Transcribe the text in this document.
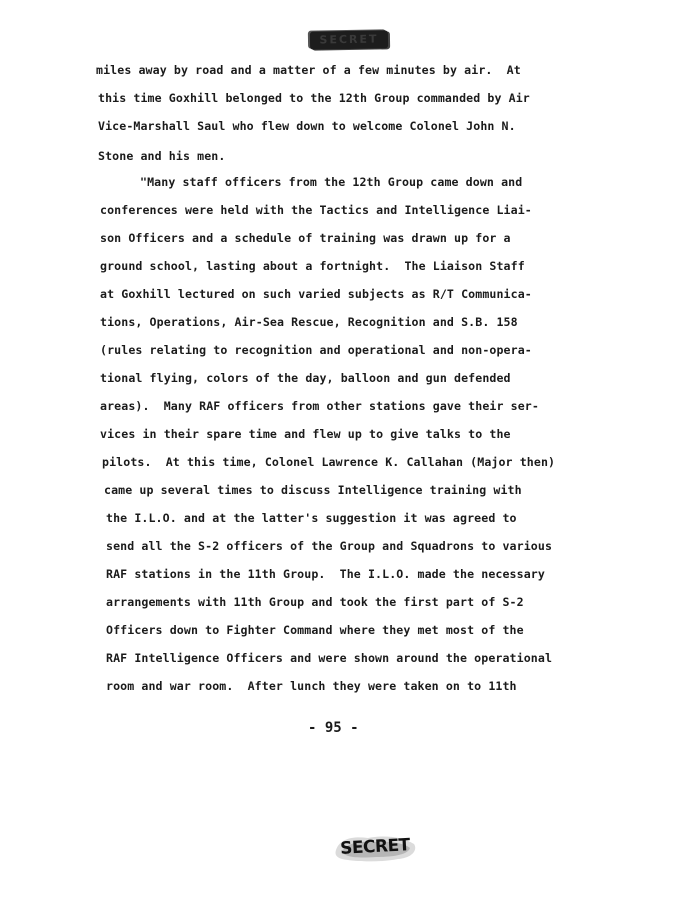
SECRET
miles away by road and a matter of a few minutes by air.  At
this time Goxhill belonged to the 12th Group commanded by Air
Vice-Marshall Saul who flew down to welcome Colonel John N.
Stone and his men.
"Many staff officers from the 12th Group came down and
conferences were held with the Tactics and Intelligence Liai-
son Officers and a schedule of training was drawn up for a
ground school, lasting about a fortnight.  The Liaison Staff
at Goxhill lectured on such varied subjects as R/T Communica-
tions, Operations, Air-Sea Rescue, Recognition and S.B. 158
(rules relating to recognition and operational and non-opera-
tional flying, colors of the day, balloon and gun defended
areas).  Many RAF officers from other stations gave their ser-
vices in their spare time and flew up to give talks to the
pilots.  At this time, Colonel Lawrence K. Callahan (Major then)
came up several times to discuss Intelligence training with
the I.L.O. and at the latter's suggestion it was agreed to
send all the S-2 officers of the Group and Squadrons to various
RAF stations in the 11th Group.  The I.L.O. made the necessary
arrangements with 11th Group and took the first part of S-2
Officers down to Fighter Command where they met most of the
RAF Intelligence Officers and were shown around the operational
room and war room.  After lunch they were taken on to 11th
- 95 -
SECRET
